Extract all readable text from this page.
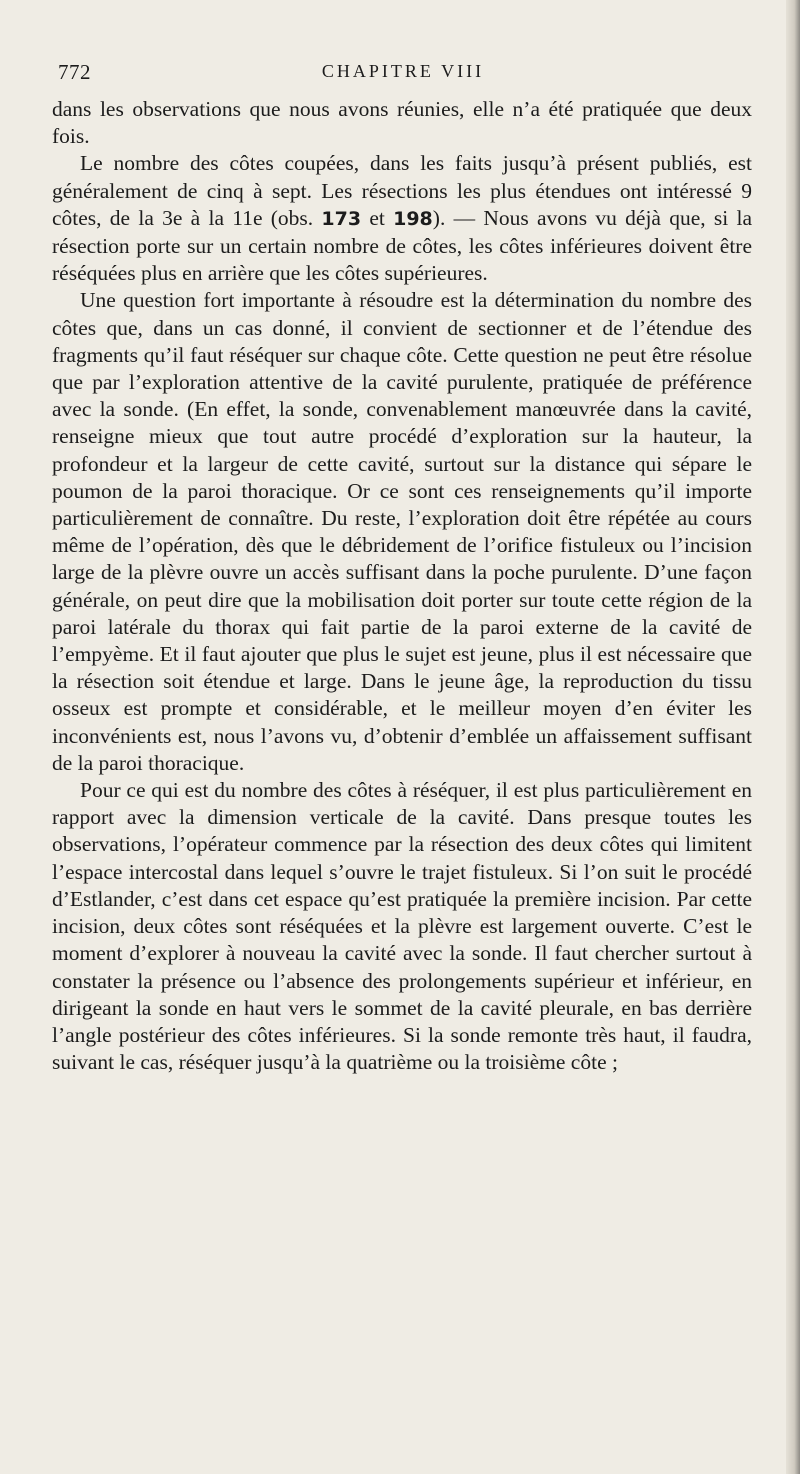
772	CHAPITRE VIII

dans les observations que nous avons réunies, elle n’a été pratiquée que deux fois.

Le nombre des côtes coupées, dans les faits jusqu’à présent publiés, est généralement de cinq à sept. Les résections les plus étendues ont intéressé 9 côtes, de la 3e à la 11e (obs. 173 et 198). — Nous avons vu déjà que, si la résection porte sur un certain nombre de côtes, les côtes inférieures doivent être réséquées plus en arrière que les côtes supérieures.

Une question fort importante à résoudre est la détermination du nombre des côtes que, dans un cas donné, il convient de sectionner et de l’étendue des fragments qu’il faut réséquer sur chaque côte. Cette question ne peut être résolue que par l’exploration attentive de la cavité purulente, pratiquée de préférence avec la sonde. (En effet, la sonde, convenablement manœuvrée dans la cavité, renseigne mieux que tout autre procédé d’exploration sur la hauteur, la profondeur et la largeur de cette cavité, surtout sur la distance qui sépare le poumon de la paroi thoracique. Or ce sont ces renseignements qu’il importe particulièrement de connaître. Du reste, l’exploration doit être répétée au cours même de l’opération, dès que le débridement de l’orifice fistuleux ou l’incision large de la plèvre ouvre un accès suffisant dans la poche purulente. D’une façon générale, on peut dire que la mobilisation doit porter sur toute cette région de la paroi latérale du thorax qui fait partie de la paroi externe de la cavité de l’empyème. Et il faut ajouter que plus le sujet est jeune, plus il est nécessaire que la résection soit étendue et large. Dans le jeune âge, la reproduction du tissu osseux est prompte et considérable, et le meilleur moyen d’en éviter les inconvénients est, nous l’avons vu, d’obtenir d’emblée un affaissement suffisant de la paroi thoracique.

Pour ce qui est du nombre des côtes à réséquer, il est plus particulièrement en rapport avec la dimension verticale de la cavité. Dans presque toutes les observations, l’opérateur commence par la résection des deux côtes qui limitent l’espace intercostal dans lequel s’ouvre le trajet fistuleux. Si l’on suit le procédé d’Estlander, c’est dans cet espace qu’est pratiquée la première incision. Par cette incision, deux côtes sont réséquées et la plèvre est largement ouverte. C’est le moment d’explorer à nouveau la cavité avec la sonde. Il faut chercher surtout à constater la présence ou l’absence des prolongements supérieur et inférieur, en dirigeant la sonde en haut vers le sommet de la cavité pleurale, en bas derrière l’angle postérieur des côtes inférieures. Si la sonde remonte très haut, il faudra, suivant le cas, réséquer jusqu’à la quatrième ou la troisième côte ;
